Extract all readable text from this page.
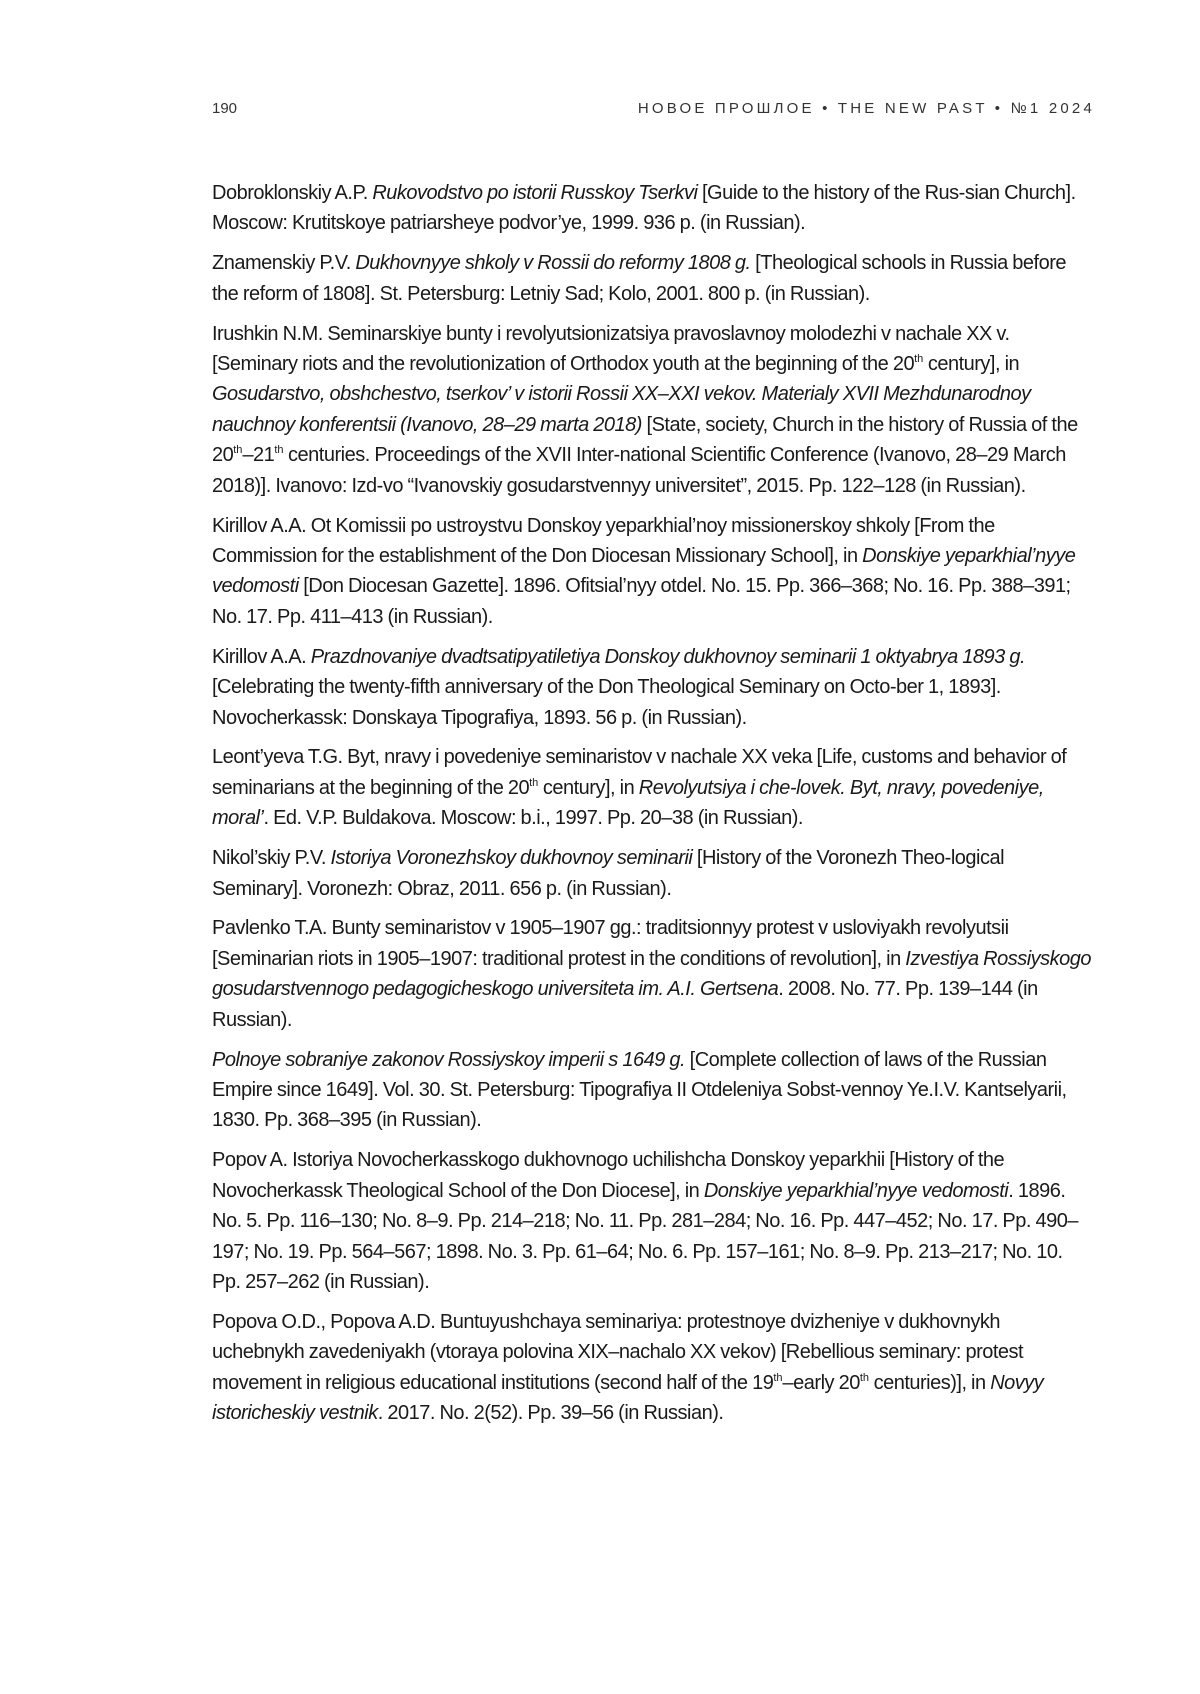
190	НОВОЕ ПРОШЛОЕ • THE NEW PAST • №1 2024

Dobroklonskiy A.P. Rukovodstvo po istorii Russkoy Tserkvi [Guide to the history of the Rus-sian Church]. Moscow: Krutitskoye patriarsheye podvor’ye, 1999. 936 p. (in Russian).

Znamenskiy P.V. Dukhovnyye shkoly v Rossii do reformy 1808 g. [Theological schools in Russia before the reform of 1808]. St. Petersburg: Letniy Sad; Kolo, 2001. 800 p. (in Russian).

Irushkin N.M. Seminarskiye bunty i revolyutsionizatsiya pravoslavnoy molodezhi v nachale XX v. [Seminary riots and the revolutionization of Orthodox youth at the beginning of the 20th century], in Gosudarstvo, obshchestvo, tserkov’ v istorii Rossii XX–XXI vekov. Materialy XVII Mezhdunarodnoy nauchnoy konferentsii (Ivanovo, 28–29 marta 2018) [State, society, Church in the history of Russia of the 20th–21th centuries. Proceedings of the XVII Inter-national Scientific Conference (Ivanovo, 28–29 March 2018)]. Ivanovo: Izd-vo “Ivanovskiy gosudarstvennyy universitet”, 2015. Pp. 122–128 (in Russian).

Kirillov A.A. Ot Komissii po ustroystvu Donskoy yeparkhial’noy missionerskoy shkoly [From the Commission for the establishment of the Don Diocesan Missionary School], in Donskiye yeparkhial’nyye vedomosti [Don Diocesan Gazette]. 1896. Ofitsial’nyy otdel. No. 15. Pp. 366–368; No. 16. Pp. 388–391; No. 17. Pp. 411–413 (in Russian).

Kirillov A.A. Prazdnovaniye dvadtsatipyatiletiya Donskoy dukhovnoy seminarii 1 oktyabrya 1893 g. [Celebrating the twenty-fifth anniversary of the Don Theological Seminary on Octo-ber 1, 1893]. Novocherkassk: Donskaya Tipografiya, 1893. 56 p. (in Russian).

Leont’yeva T.G. Byt, nravy i povedeniye seminaristov v nachale XX veka [Life, customs and behavior of seminarians at the beginning of the 20th century], in Revolyutsiya i che-lovek. Byt, nravy, povedeniye, moral’. Ed. V.P. Buldakova. Moscow: b.i., 1997. Pp. 20–38 (in Russian).

Nikol’skiy P.V. Istoriya Voronezhskoy dukhovnoy seminarii [History of the Voronezh Theo-logical Seminary]. Voronezh: Obraz, 2011. 656 p. (in Russian).

Pavlenko T.A. Bunty seminaristov v 1905–1907 gg.: traditsionnyy protest v usloviyakh revolyutsii [Seminarian riots in 1905–1907: traditional protest in the conditions of revolution], in Izvestiya Rossiyskogo gosudarstvennogo pedagogicheskogo universiteta im. A.I. Gertsena. 2008. No. 77. Pp. 139–144 (in Russian).

Polnoye sobraniye zakonov Rossiyskoy imperii s 1649 g. [Complete collection of laws of the Russian Empire since 1649]. Vol. 30. St. Petersburg: Tipografiya II Otdeleniya Sobst-vennoy Ye.I.V. Kantselyarii, 1830. Pp. 368–395 (in Russian).

Popov A. Istoriya Novocherkasskogo dukhovnogo uchilishcha Donskoy yeparkhii [History of the Novocherkassk Theological School of the Don Diocese], in Donskiye yeparkhial’nyye vedomosti. 1896. No. 5. Pp. 116–130; No. 8–9. Pp. 214–218; No. 11. Pp. 281–284; No. 16. Pp. 447–452; No. 17. Pp. 490–197; No. 19. Pp. 564–567; 1898. No. 3. Pp. 61–64; No. 6. Pp. 157–161; No. 8–9. Pp. 213–217; No. 10. Pp. 257–262 (in Russian).

Popova O.D., Popova A.D. Buntuyushchaya seminariya: protestnoye dvizheniye v dukhovnykh uchebnykh zavedeniyakh (vtoraya polovina XIX–nachalo XX vekov) [Rebellious seminary: protest movement in religious educational institutions (second half of the 19th–early 20th centuries)], in Novyy istoricheskiy vestnik. 2017. No. 2(52). Pp. 39–56 (in Russian).
